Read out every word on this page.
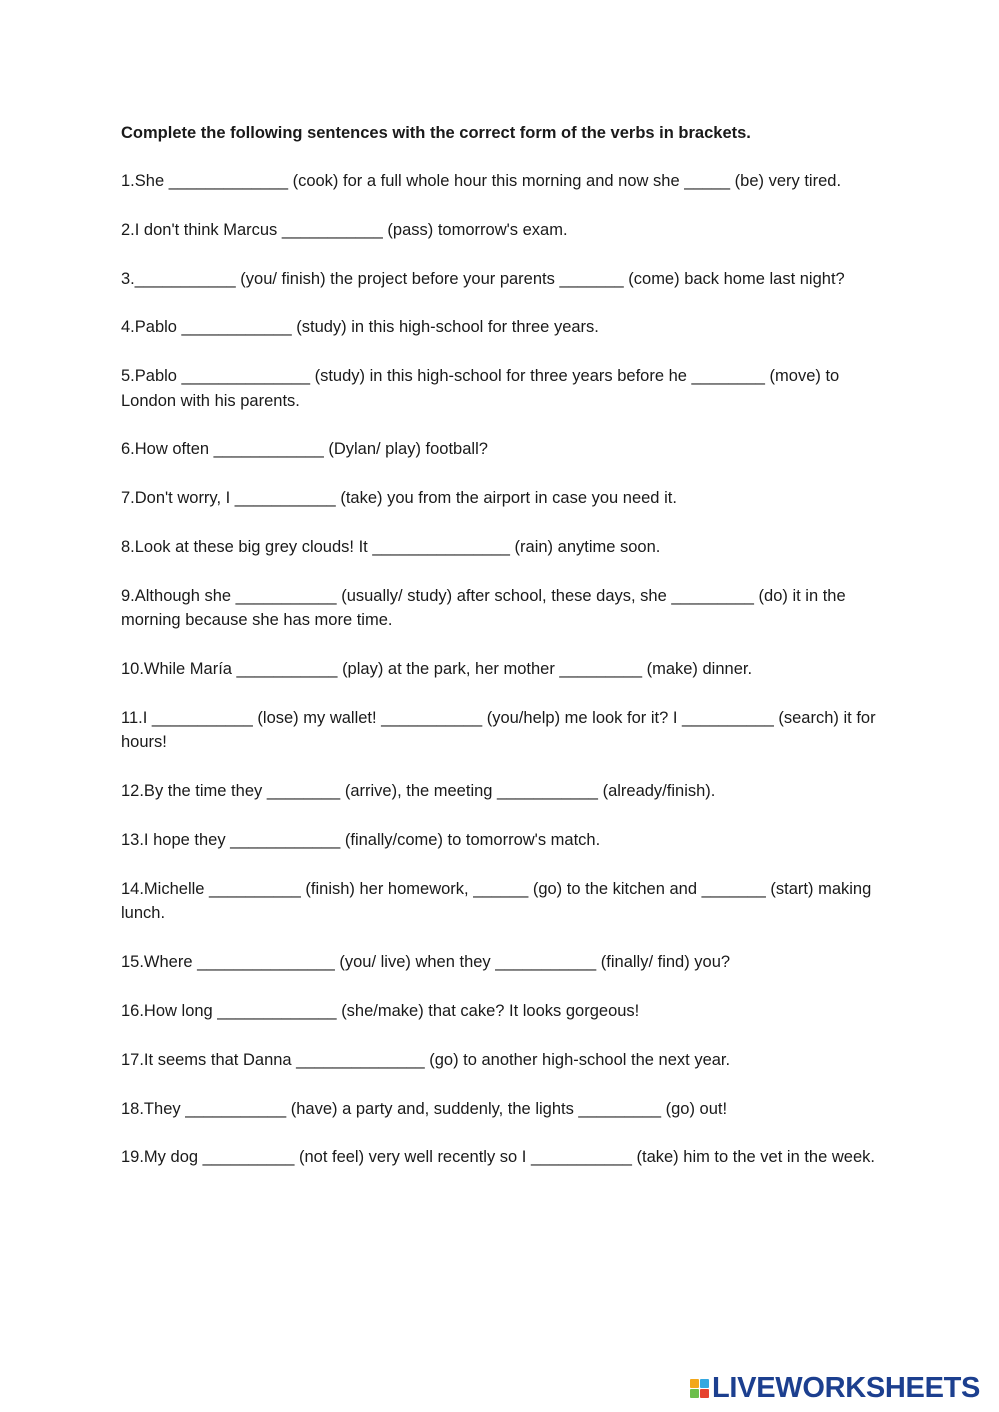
Complete the following sentences with the correct form of the verbs in brackets.

1.She _____________ (cook) for a full whole hour this morning and now she _____ (be) very tired.

2.I don't think Marcus ___________ (pass) tomorrow's exam.

3.___________ (you/ finish) the project before your parents _______ (come) back home last night?

4.Pablo ____________ (study) in this high-school for three years.

5.Pablo ______________ (study) in this high-school for three years before he ________ (move) to London with his parents.

6.How often ____________ (Dylan/ play) football?

7.Don't worry, I ___________ (take) you from the airport in case you need it.

8.Look at these big grey clouds! It _______________ (rain) anytime soon.

9.Although she ___________ (usually/ study) after school, these days, she _________ (do) it in the morning because she has more time.

10.While María ___________ (play) at the park, her mother _________ (make) dinner.

11.I ___________ (lose) my wallet! ___________ (you/help) me look for it? I __________ (search) it for hours!

12.By the time they ________ (arrive), the meeting ___________ (already/finish).

13.I hope they ____________ (finally/come) to tomorrow's match.

14.Michelle __________ (finish) her homework, ______ (go) to the kitchen and _______ (start) making lunch.

15.Where _______________ (you/ live) when they ___________ (finally/ find) you?

16.How long _____________ (she/make) that cake? It looks gorgeous!

17.It seems that Danna ______________ (go) to another high-school the next year.

18.They ___________ (have) a party and, suddenly, the lights _________ (go) out!

19.My dog __________ (not feel) very well recently so I ___________ (take) him to the vet in the week.

LIVEWORKSHEETS
